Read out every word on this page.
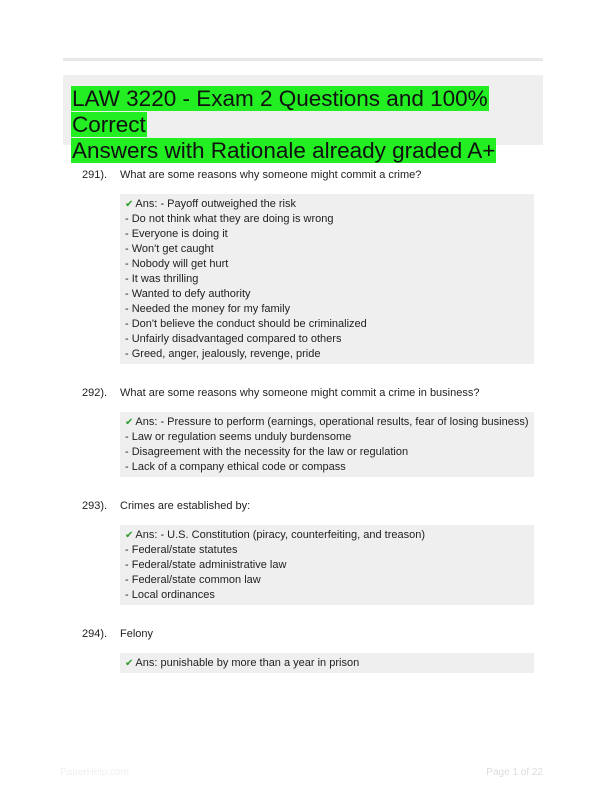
LAW 3220 - Exam 2 Questions and 100% Correct
Answers with Rationale already graded A+
291). What are some reasons why someone might commit a crime?
✔ Ans: - Payoff outweighed the risk
- Do not think what they are doing is wrong
- Everyone is doing it
- Won't get caught
- Nobody will get hurt
- It was thrilling
- Wanted to defy authority
- Needed the money for my family
- Don't believe the conduct should be criminalized
- Unfairly disadvantaged compared to others
- Greed, anger, jealously, revenge, pride
292). What are some reasons why someone might commit a crime in business?
✔ Ans: - Pressure to perform (earnings, operational results, fear of losing business)
- Law or regulation seems unduly burdensome
- Disagreement with the necessity for the law or regulation
- Lack of a company ethical code or compass
293). Crimes are established by:
✔ Ans: - U.S. Constitution (piracy, counterfeiting, and treason)
- Federal/state statutes
- Federal/state administrative law
- Federal/state common law
- Local ordinances
294). Felony
✔ Ans: punishable by more than a year in prison
PaperHelp.com	Page 1 of 22
